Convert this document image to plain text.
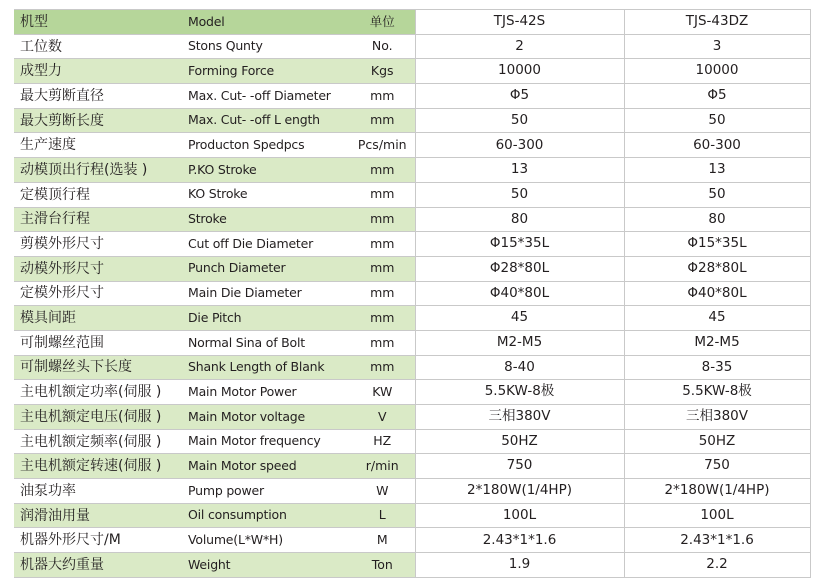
机型	Model	单位	TJS-42S	TJS-43DZ
工位数	Stons Qunty	No.	2	3
成型力	Forming Force	Kgs	10000	10000
最大剪断直径	Max. Cut- -off Diameter	mm	Φ5	Φ5
最大剪断长度	Max. Cut- -off L ength	mm	50	50
生产速度	Producton Spedpcs	Pcs/min	60-300	60-300
动模顶出行程(选装 )	P.KO Stroke	mm	13	13
定模顶行程	KO Stroke	mm	50	50
主滑台行程	Stroke	mm	80	80
剪模外形尺寸	Cut off Die Diameter	mm	Φ15*35L	Φ15*35L
动模外形尺寸	Punch Diameter	mm	Φ28*80L	Φ28*80L
定模外形尺寸	Main Die Diameter	mm	Φ40*80L	Φ40*80L
模具间距	Die Pitch	mm	45	45
可制螺丝范围	Normal Sina of Bolt	mm	M2-M5	M2-M5
可制螺丝头下长度	Shank Length of Blank	mm	8-40	8-35
主电机额定功率(伺服 )	Main Motor Power	KW	5.5KW-8极	5.5KW-8极
主电机额定电压(伺服 )	Main Motor voltage	V	三相380V	三相380V
主电机额定频率(伺服 )	Main Motor frequency	HZ	50HZ	50HZ
主电机额定转速(伺服 )	Main Motor speed	r/min	750	750
油泵功率	Pump power	W	2*180W(1/4HP)	2*180W(1/4HP)
润滑油用量	Oil consumption	L	100L	100L
机器外形尺寸/M	Volume(L*W*H)	M	2.43*1*1.6	2.43*1*1.6
机器大约重量	Weight	Ton	1.9	2.2
